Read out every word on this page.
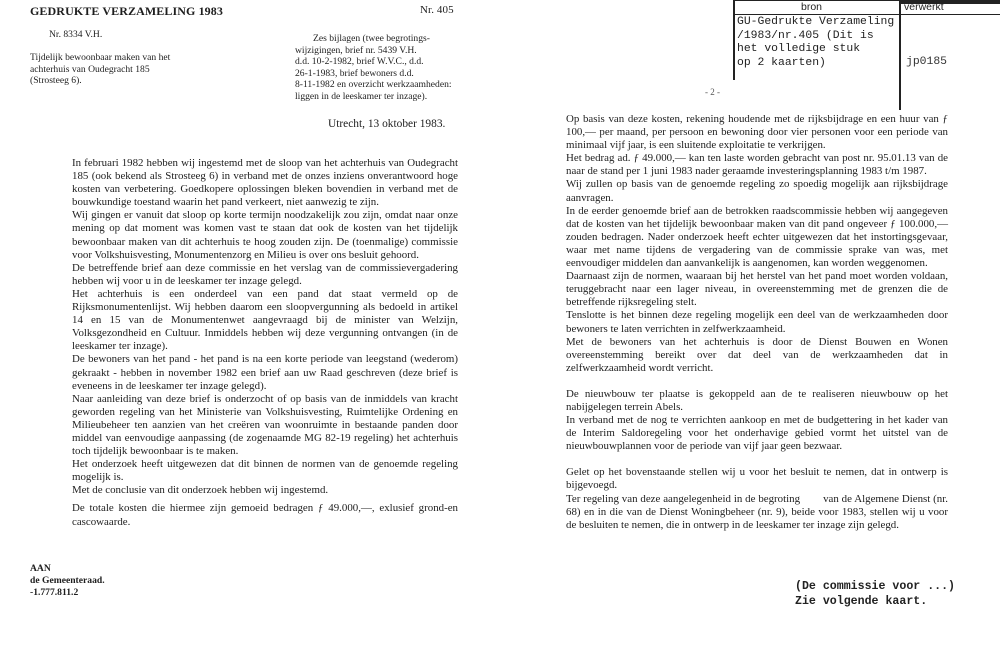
GEDRUKTE VERZAMELING 1983	Nr. 405
Nr. 8334 V.H.
Tijdelijk bewoonbaar maken van het
achterhuis van Oudegracht 185
(Strosteeg 6).
Zes bijlagen (twee begrotings-
wijzigingen, brief nr. 5439 V.H.
d.d. 10-2-1982, brief W.V.C., d.d.
26-1-1983, brief bewoners d.d.
8-11-1982 en overzicht werkzaamheden:
liggen in de leeskamer ter inzage).
Utrecht, 13 oktober 1983.

In februari 1982 hebben wij ingestemd met de sloop van het achterhuis van Oudegracht 185 (ook bekend als Strosteeg 6) in verband met de onzes inziens onverantwoord hoge kosten van verbetering. Goedkopere oplossingen bleken bovendien in verband met de bouwkundige toestand waarin het pand verkeert, niet aanwezig te zijn.

Wij gingen er vanuit dat sloop op korte termijn noodzakelijk zou zijn, omdat naar onze mening op dat moment was komen vast te staan dat ook de kosten van het tijdelijk bewoonbaar maken van dit achterhuis te hoog zouden zijn. De (toenmalige) commissie voor Volkshuisvesting, Monumentenzorg en Milieu is over ons besluit gehoord.

De betreffende brief aan deze commissie en het verslag van de commissievergadering hebben wij voor u in de leeskamer ter inzage gelegd.

Het achterhuis is een onderdeel van een pand dat staat vermeld op de Rijksmonumentenlijst. Wij hebben daarom een sloopvergunning als bedoeld in artikel 14 en 15 van de Monumentenwet aangevraagd bij de minister van Welzijn, Volksgezondheid en Cultuur. Inmiddels hebben wij deze vergunning ontvangen (in de leeskamer ter inzage).

De bewoners van het pand - het pand is na een korte periode van leegstand (wederom) gekraakt - hebben in november 1982 een brief aan uw Raad geschreven (deze brief is eveneens in de leeskamer ter inzage gelegd).

Naar aanleiding van deze brief is onderzocht of op basis van de inmiddels van kracht geworden regeling van het Ministerie van Volkshuisvesting, Ruimtelijke Ordening en Milieubeheer ten aanzien van het creëren van woonruimte in bestaande panden door middel van eenvoudige aanpassing (de zogenaamde MG 82-19 regeling) het achterhuis toch tijdelijk bewoonbaar is te maken.

Het onderzoek heeft uitgewezen dat dit binnen de normen van de genoemde regeling mogelijk is.

Met de conclusie van dit onderzoek hebben wij ingestemd.

De totale kosten die hiermee zijn gemoeid bedragen ƒ 49.000,—, exlusief grond-en cascowaarde.

AAN
de Gemeenteraad.
-1.777.811.2
bron	verwerkt
GU-Gedrukte Verzameling
/1983/nr.405 (Dit is
het volledige stuk
op 2 kaarten)	jp0185
- 2 -

Op basis van deze kosten, rekening houdende met de rijksbijdrage en een huur van ƒ 100,— per maand, per persoon en bewoning door vier personen voor een periode van minimaal vijf jaar, is een sluitende exploitatie te verkrijgen.

Het bedrag ad. ƒ 49.000,— kan ten laste worden gebracht van post nr. 95.01.13 van de naar de stand per 1 juni 1983 nader geraamde investeringsplanning 1983 t/m 1987.

Wij zullen op basis van de genoemde regeling zo spoedig mogelijk aan rijksbijdrage aanvragen.

In de eerder genoemde brief aan de betrokken raadscommissie hebben wij aangegeven dat de kosten van het tijdelijk bewoonbaar maken van dit pand ongeveer ƒ 100.000,— zouden bedragen. Nader onderzoek heeft echter uitgewezen dat het instortingsgevaar, waar met name tijdens de vergadering van de commissie sprake van was, met eenvoudiger middelen dan aanvankelijk is aangenomen, kan worden weggenomen.

Daarnaast zijn de normen, waaraan bij het herstel van het pand moet worden voldaan, teruggebracht naar een lager niveau, in overeenstemming met de grenzen die de betreffende rijksregeling stelt.

Tenslotte is het binnen deze regeling mogelijk een deel van de werkzaamheden door bewoners te laten verrichten in zelfwerkzaamheid.

Met de bewoners van het achterhuis is door de Dienst Bouwen en Wonen overeenstemming bereikt over dat deel van de werkzaamheden dat in zelfwerkzaamheid wordt verricht.

De nieuwbouw ter plaatse is gekoppeld aan de te realiseren nieuwbouw op het nabijgelegen terrein Abels.

In verband met de nog te verrichten aankoop en met de budgettering in het kader van de Interim Saldoregeling voor het onderhavige gebied vormt het uitstel van de nieuwbouwplannen voor de periode van vijf jaar geen bezwaar.

Gelet op het bovenstaande stellen wij u voor het besluit te nemen, dat in ontwerp is bijgevoegd.

Ter regeling van deze aangelegenheid in de begroting        van de Algemene Dienst (nr. 68) en in die van de Dienst Woningbeheer (nr. 9), beide voor 1983, stellen wij u voor de besluiten te nemen, die in ontwerp in de leeskamer ter inzage zijn gelegd.

(De commissie voor ...)
Zie volgende kaart.
